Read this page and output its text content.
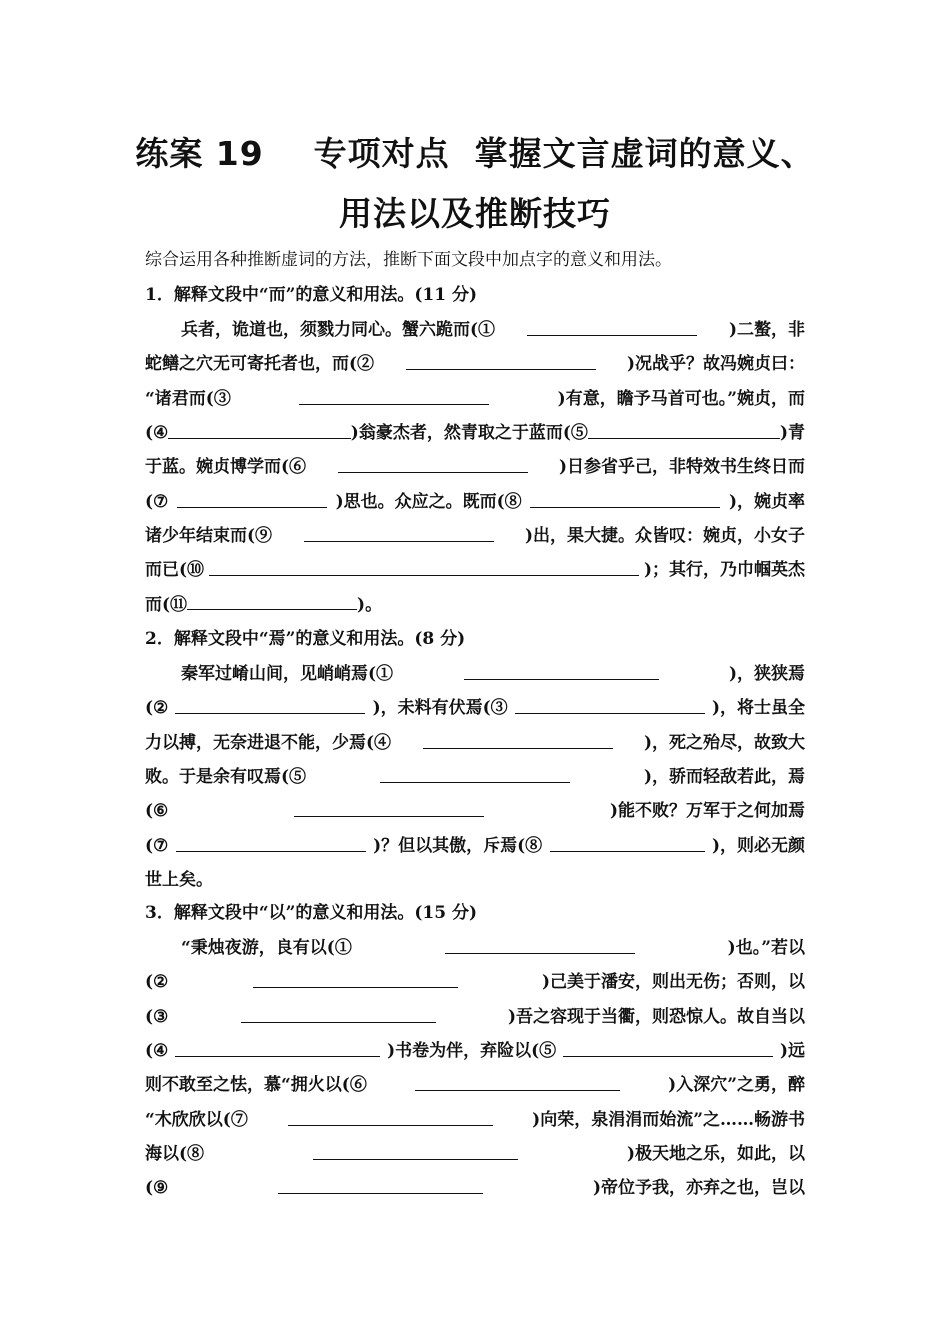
练案 19    专项对点  掌握文言虚词的意义、
用法以及推断技巧
综合运用各种推断虚词的方法，推断下面文段中加点字的意义和用法。
1．解释文段中“而”的意义和用法。(11 分)
兵者，诡道也，须戮力同心。蟹六跪而(①	)二螯，非
蛇鳝之穴无可寄托者也，而(②	)况战乎？故冯婉贞曰：
“诸君而(③	)有意，瞻予马首可也。”婉贞，而
(④	)翁豪杰者，然青取之于蓝而(⑤	)青
于蓝。婉贞博学而(⑥	)日参省乎己，非特效书生终日而
(⑦	)思也。众应之。既而(⑧	)，婉贞率
诸少年结束而(⑨	)出，果大捷。众皆叹：婉贞，小女子
而已(⑩	)；其行，乃巾帼英杰
而(⑪	)。
2．解释文段中“焉”的意义和用法。(8 分)
秦军过崤山间，见峭峭焉(①	)，狭狭焉
(②	)，未料有伏焉(③	)，将士虽全
力以搏，无奈进退不能，少焉(④	)，死之殆尽，故致大
败。于是余有叹焉(⑤	)，骄而轻敌若此，焉
(⑥	)能不败？万军于之何加焉
(⑦	)？但以其傲，斥焉(⑧	)，则必无颜
世上矣。
3．解释文段中“以”的意义和用法。(15 分)
“秉烛夜游，良有以(①	)也。”若以
(②	)己美于潘安，则出无伤；否则，以
(③	)吾之容现于当衢，则恐惊人。故自当以
(④	)书卷为伴，弃险以(⑤	)远
则不敢至之怯，慕“拥火以(⑥	)入深穴”之勇，醉
“木欣欣以(⑦	)向荣，泉涓涓而始流”之……畅游书
海以(⑧	)极天地之乐，如此，以
(⑨	)帝位予我，亦弃之也，岂以
